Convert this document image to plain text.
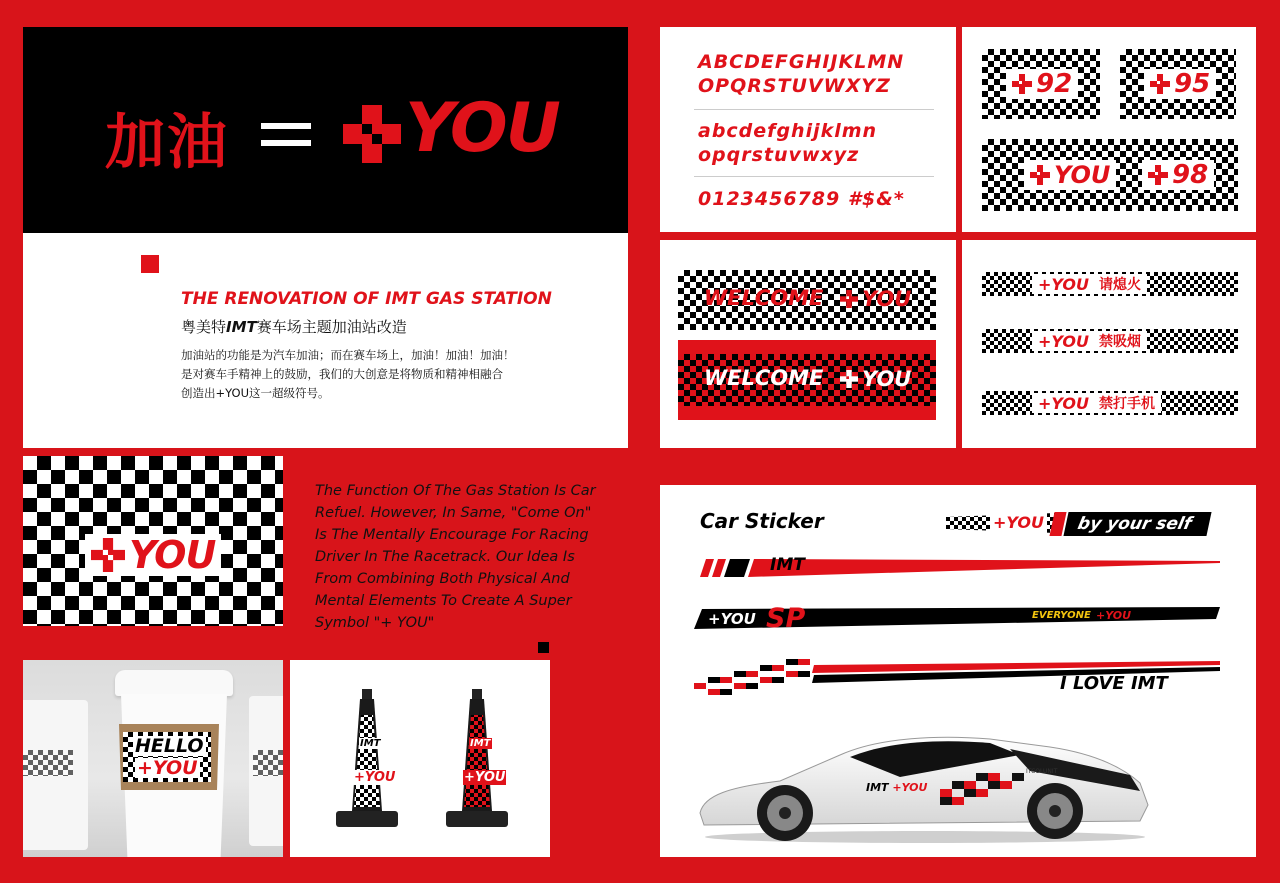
加油	YOU
THE RENOVATION OF IMT GAS STATION
粤美特IMT赛车场主题加油站改造
加油站的功能是为汽车加油；而在赛车场上，加油！加油！加油！
是对赛车手精神上的鼓励，我们的大创意是将物质和精神相融合
创造出+YOU这一超级符号。
ABCDEFGHIJKLMN
OPQRSTUVWXYZ
abcdefghijklmn
opqrstuvwxyz
0123456789 #$&*
92	95
YOU 98
WELCOME YOU
WELCOME YOU
+YOU 请熄火
+YOU 禁吸烟
+YOU 禁打手机
YOU
The Function Of The Gas Station Is Car
Refuel. However, In Same, "Come On"
Is The Mentally Encourage For Racing
Driver In The Racetrack. Our Idea Is
From Combining Both Physical And
Mental Elements To Create A Super
Symbol "+ YOU"
HELLO
+YOU
IMT
+YOU
IMT
+YOU
Car Sticker	+YOU	by your self
IMT
+YOU SP	EVERYONE +YOU
I LOVE IMT
IMT +YOU
ITCOLUNIT
